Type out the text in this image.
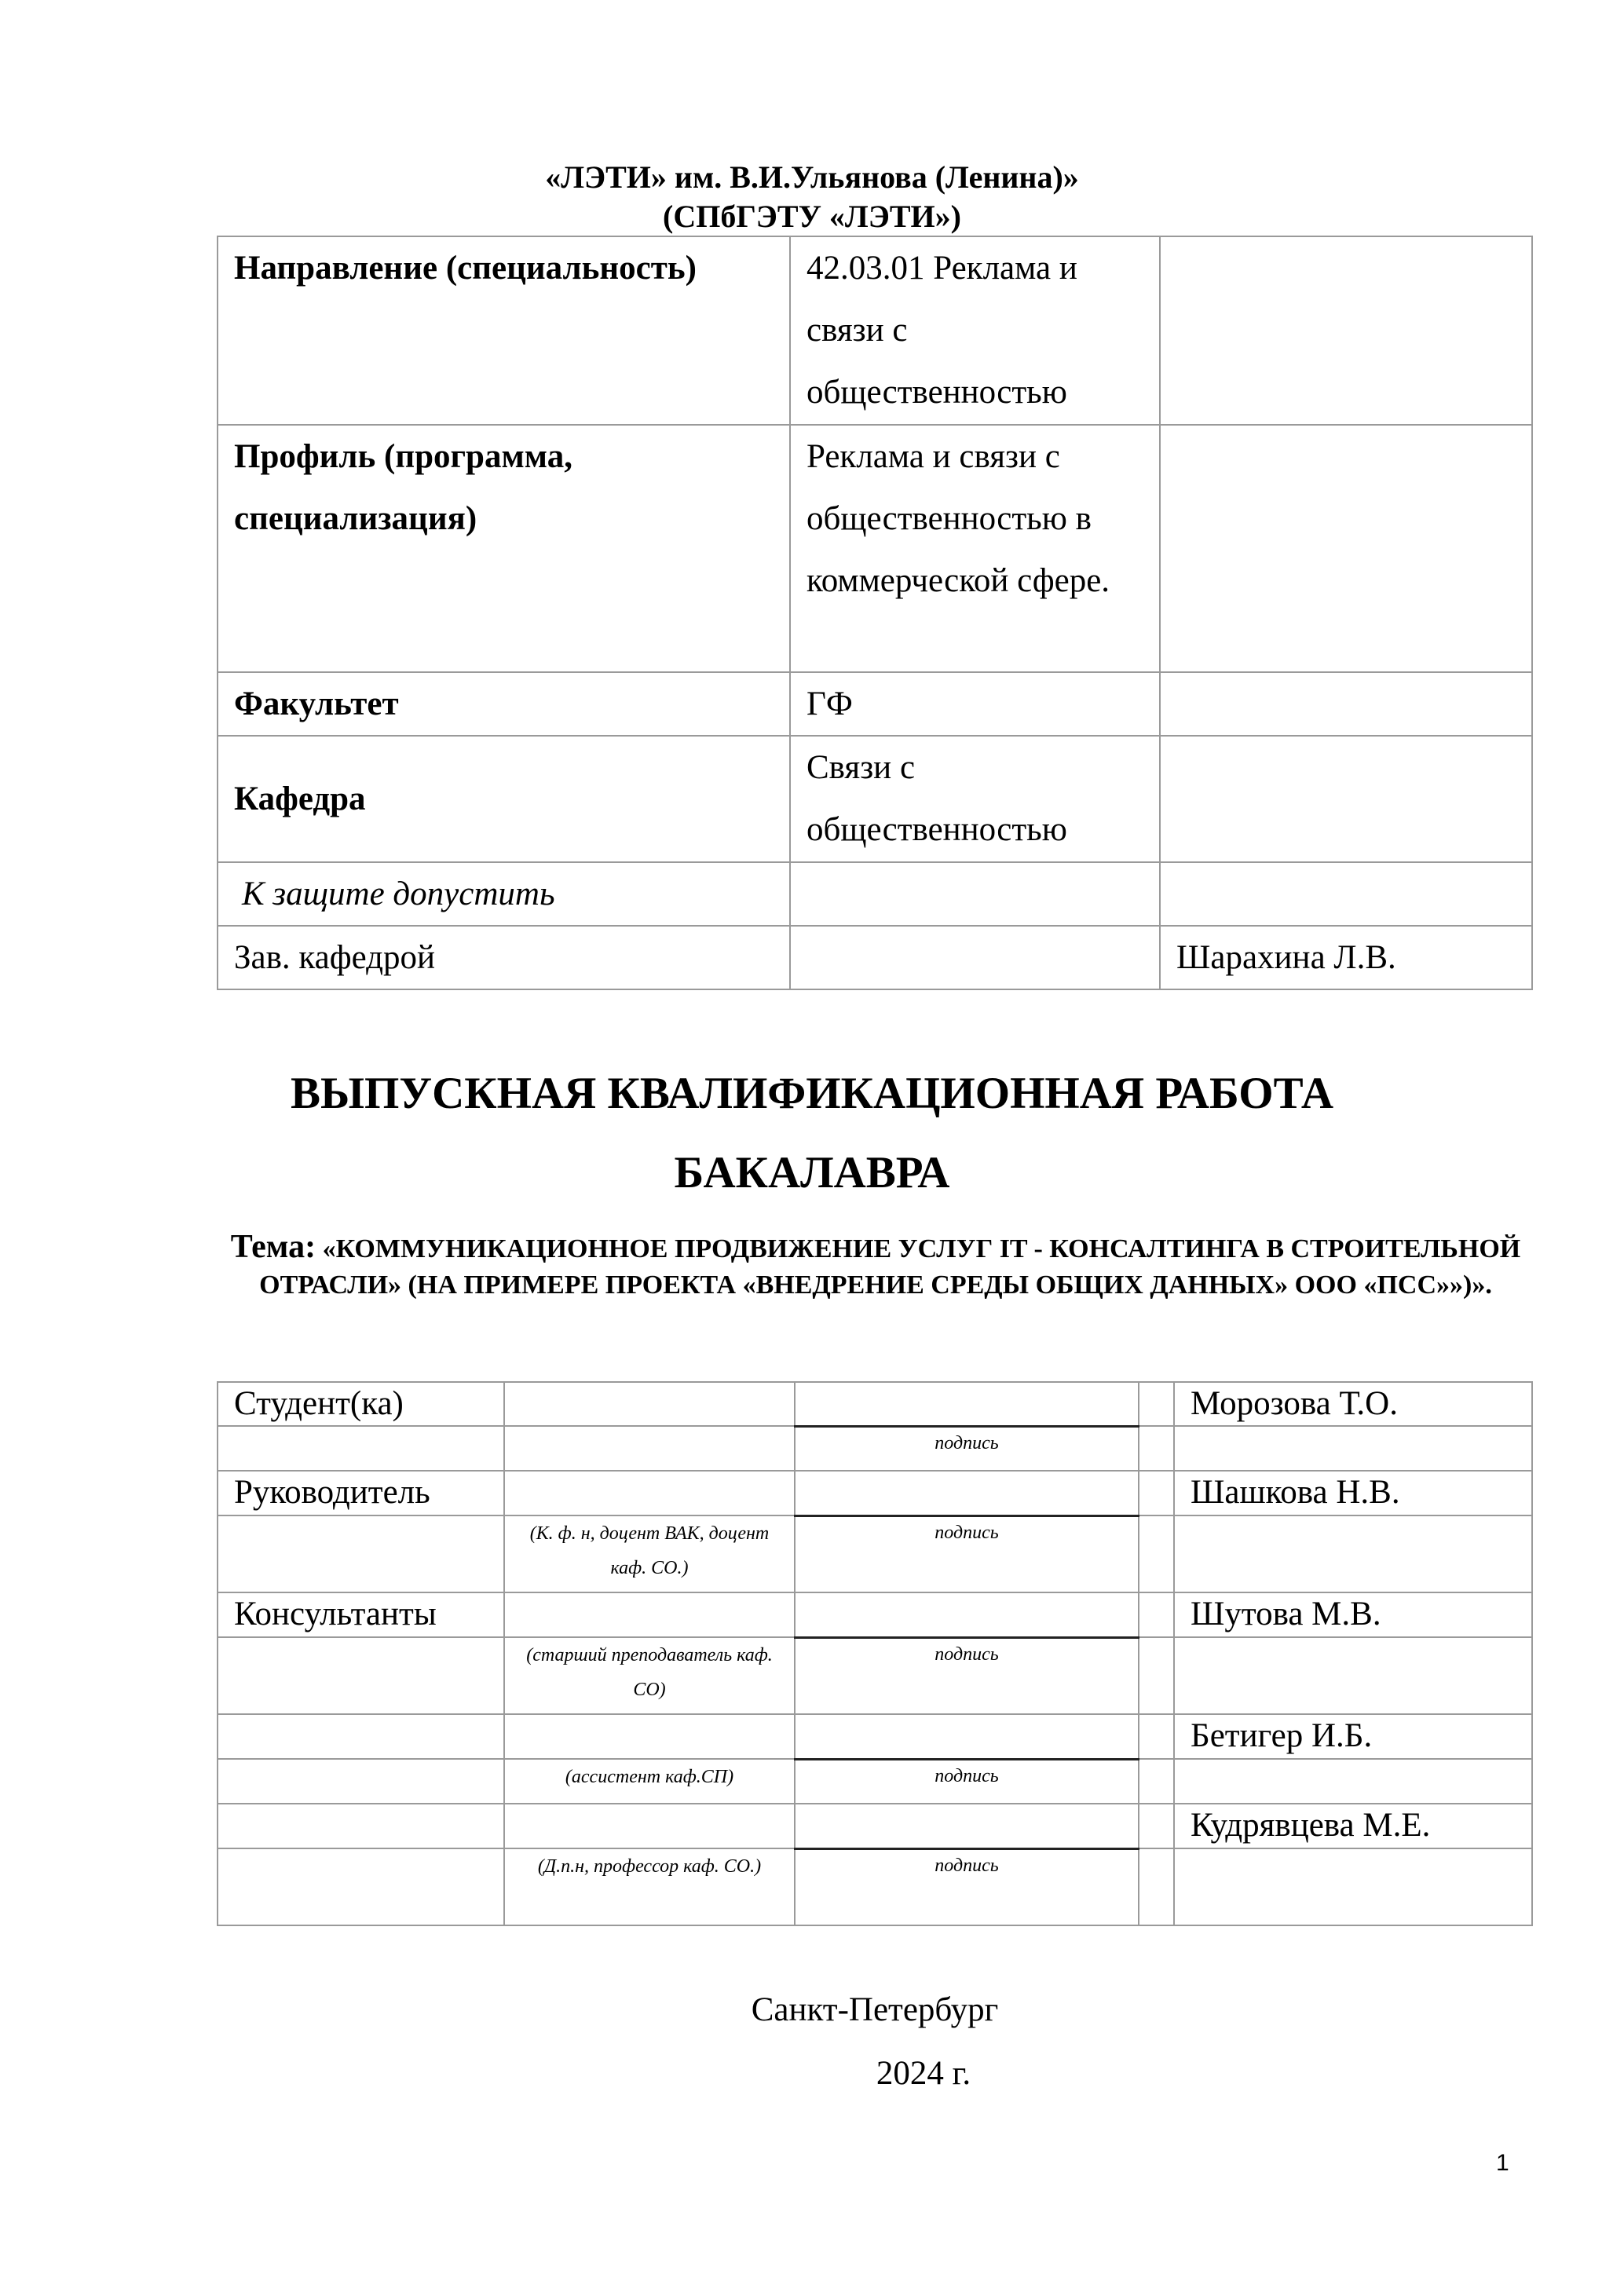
«ЛЭТИ» им. В.И.Ульянова (Ленина)»
(СПбГЭТУ «ЛЭТИ»)
Направление (специальность)	42.03.01 Реклама и связи с общественностью	
Профиль (программа, специализация)	Реклама и связи с общественностью в коммерческой сфере.	
Факультет	ГФ	
Кафедра	Связи с общественностью	
К защите допустить		
Зав. кафедрой		Шарахина Л.В.
ВЫПУСКНАЯ КВАЛИФИКАЦИОННАЯ РАБОТА
БАКАЛАВРА
Тема: «КОММУНИКАЦИОННОЕ ПРОДВИЖЕНИЕ УСЛУГ IT - КОНСАЛТИНГА В СТРОИТЕЛЬНОЙ ОТРАСЛИ» (НА ПРИМЕРЕ ПРОЕКТА «ВНЕДРЕНИЕ СРЕДЫ ОБЩИХ ДАННЫХ» ООО «ПСС»»)».
Студент(ка)				Морозова Т.О.
		подпись		
Руководитель				Шашкова Н.В.
	(К. ф. н, доцент ВАК, доцент каф. СО.)	подпись		
Консультанты				Шутова М.В.
	(старший преподаватель каф. СО)	подпись		
				Бетигер И.Б.
	(ассистент каф.СП)	подпись		
				Кудрявцева М.Е.
	(Д.п.н, профессор каф. СО.)	подпись		
Санкт-Петербург
2024 г.
1
